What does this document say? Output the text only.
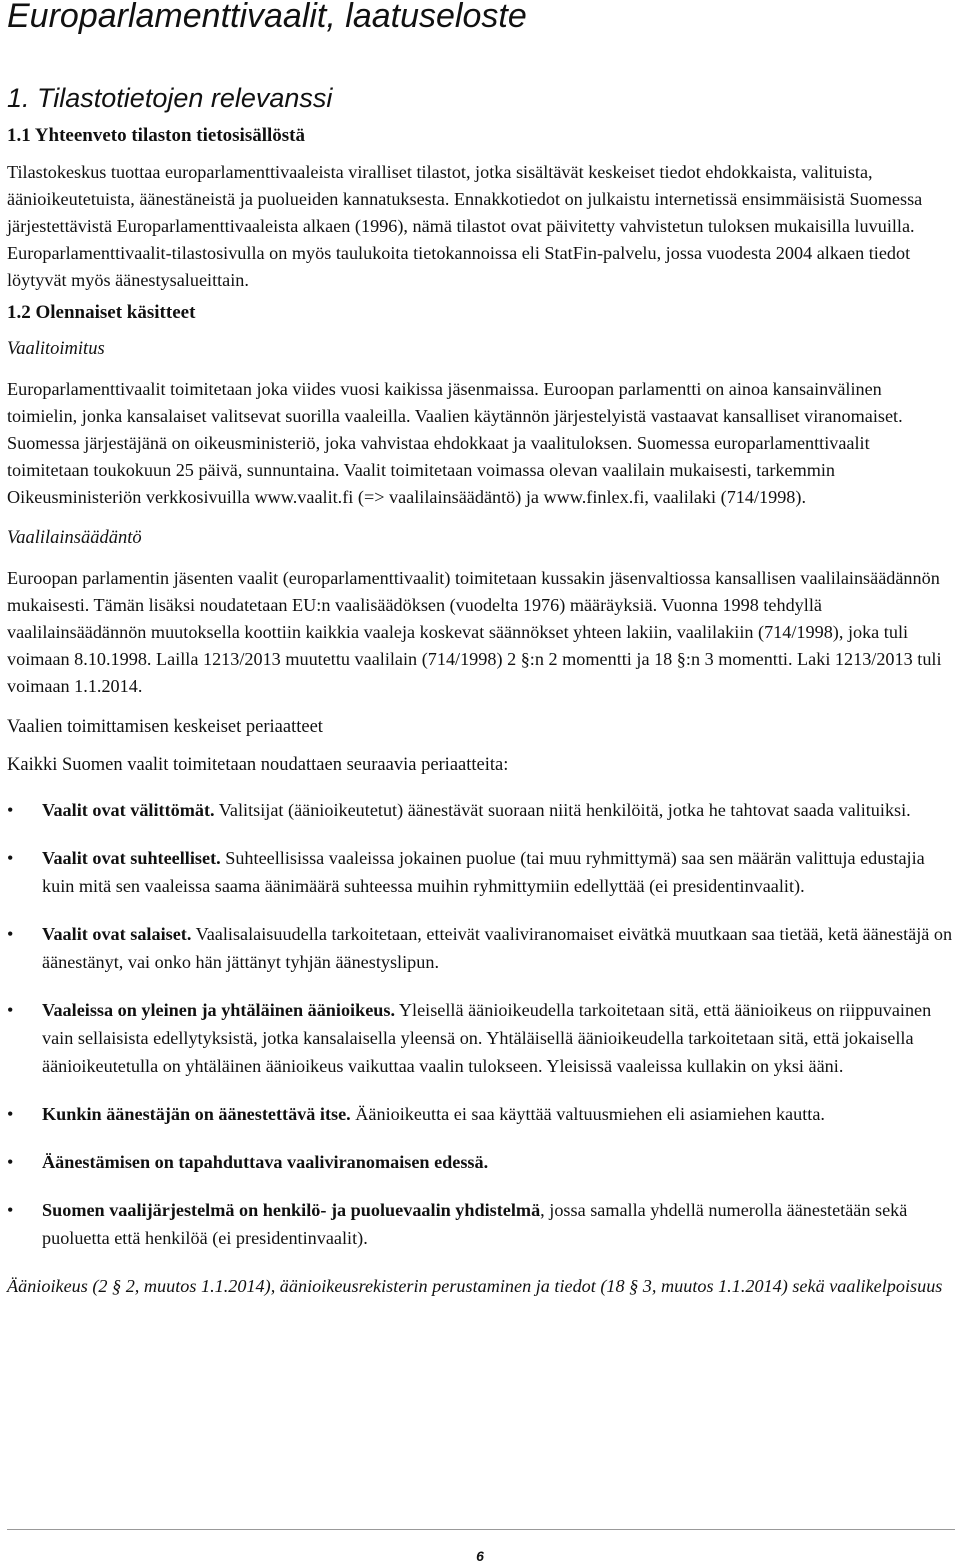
Europarlamenttivaalit, laatuseloste
1. Tilastotietojen relevanssi
1.1 Yhteenveto tilaston tietosisällöstä

Tilastokeskus tuottaa europarlamenttivaaleista viralliset tilastot, jotka sisältävät keskeiset tiedot ehdokkaista, valituista, äänioikeutetuista, äänestäneistä ja puolueiden kannatuksesta. Ennakkotiedot on julkaistu internetissä ensimmäisistä Suomessa järjestettävistä Europarlamenttivaaleista alkaen (1996), nämä tilastot ovat päivitetty vahvistetun tuloksen mukaisilla luvuilla. Europarlamenttivaalit-tilastosivulla on myös taulukoita tietokannoissa eli StatFin-palvelu, jossa vuodesta 2004 alkaen tiedot löytyvät myös äänestysalueittain.

1.2 Olennaiset käsitteet

Vaalitoimitus

Europarlamenttivaalit toimitetaan joka viides vuosi kaikissa jäsenmaissa. Euroopan parlamentti on ainoa kansainvälinen toimielin, jonka kansalaiset valitsevat suorilla vaaleilla. Vaalien käytännön järjestelyistä vastaavat kansalliset viranomaiset. Suomessa järjestäjänä on oikeusministeriö, joka vahvistaa ehdokkaat ja vaalituloksen. Suomessa europarlamenttivaalit toimitetaan toukokuun 25 päivä, sunnuntaina. Vaalit toimitetaan voimassa olevan vaalilain mukaisesti, tarkemmin Oikeusministeriön verkkosivuilla www.vaalit.fi (=> vaalilainsäädäntö) ja www.finlex.fi, vaalilaki (714/1998).

Vaalilainsäädäntö

Euroopan parlamentin jäsenten vaalit (europarlamenttivaalit) toimitetaan kussakin jäsenvaltiossa kansallisen vaalilainsäädännön mukaisesti. Tämän lisäksi noudatetaan EU:n vaalisäädöksen (vuodelta 1976) määräyksiä. Vuonna 1998 tehdyllä vaalilainsäädännön muutoksella koottiin kaikkia vaaleja koskevat säännökset yhteen lakiin, vaalilakiin (714/1998), joka tuli voimaan 8.10.1998. Lailla 1213/2013 muutettu vaalilain (714/1998) 2 §:n 2 momentti ja 18 §:n 3 momentti. Laki 1213/2013 tuli voimaan 1.1.2014.

Vaalien toimittamisen keskeiset periaatteet

Kaikki Suomen vaalit toimitetaan noudattaen seuraavia periaatteita:

• Vaalit ovat välittömät. Valitsijat (äänioikeutetut) äänestävät suoraan niitä henkilöitä, jotka he tahtovat saada valituiksi.
• Vaalit ovat suhteelliset. Suhteellisissa vaaleissa jokainen puolue (tai muu ryhmittymä) saa sen määrän valittuja edustajia kuin mitä sen vaaleissa saama äänimäärä suhteessa muihin ryhmittymiin edellyttää (ei presidentinvaalit).
• Vaalit ovat salaiset. Vaalisalaisuudella tarkoitetaan, etteivät vaaliviranomaiset eivätkä muutkaan saa tietää, ketä äänestäjä on äänestänyt, vai onko hän jättänyt tyhjän äänestyslipun.
• Vaaleissa on yleinen ja yhtäläinen äänioikeus. Yleisellä äänioikeudella tarkoitetaan sitä, että äänioikeus on riippuvainen vain sellaisista edellytyksistä, jotka kansalaisella yleensä on. Yhtäläisellä äänioikeudella tarkoitetaan sitä, että jokaisella äänioikeutetulla on yhtäläinen äänioikeus vaikuttaa vaalin tulokseen. Yleisissä vaaleissa kullakin on yksi ääni.
• Kunkin äänestäjän on äänestettävä itse. Äänioikeutta ei saa käyttää valtuusmiehen eli asiamiehen kautta.
• Äänestämisen on tapahduttava vaaliviranomaisen edessä.
• Suomen vaalijärjestelmä on henkilö- ja puoluevaalin yhdistelmä, jossa samalla yhdellä numerolla äänestetään sekä puoluetta että henkilöä (ei presidentinvaalit).

Äänioikeus (2 § 2, muutos 1.1.2014), äänioikeusrekisterin perustaminen ja tiedot (18 § 3, muutos 1.1.2014) sekä vaalikelpoisuus

6
